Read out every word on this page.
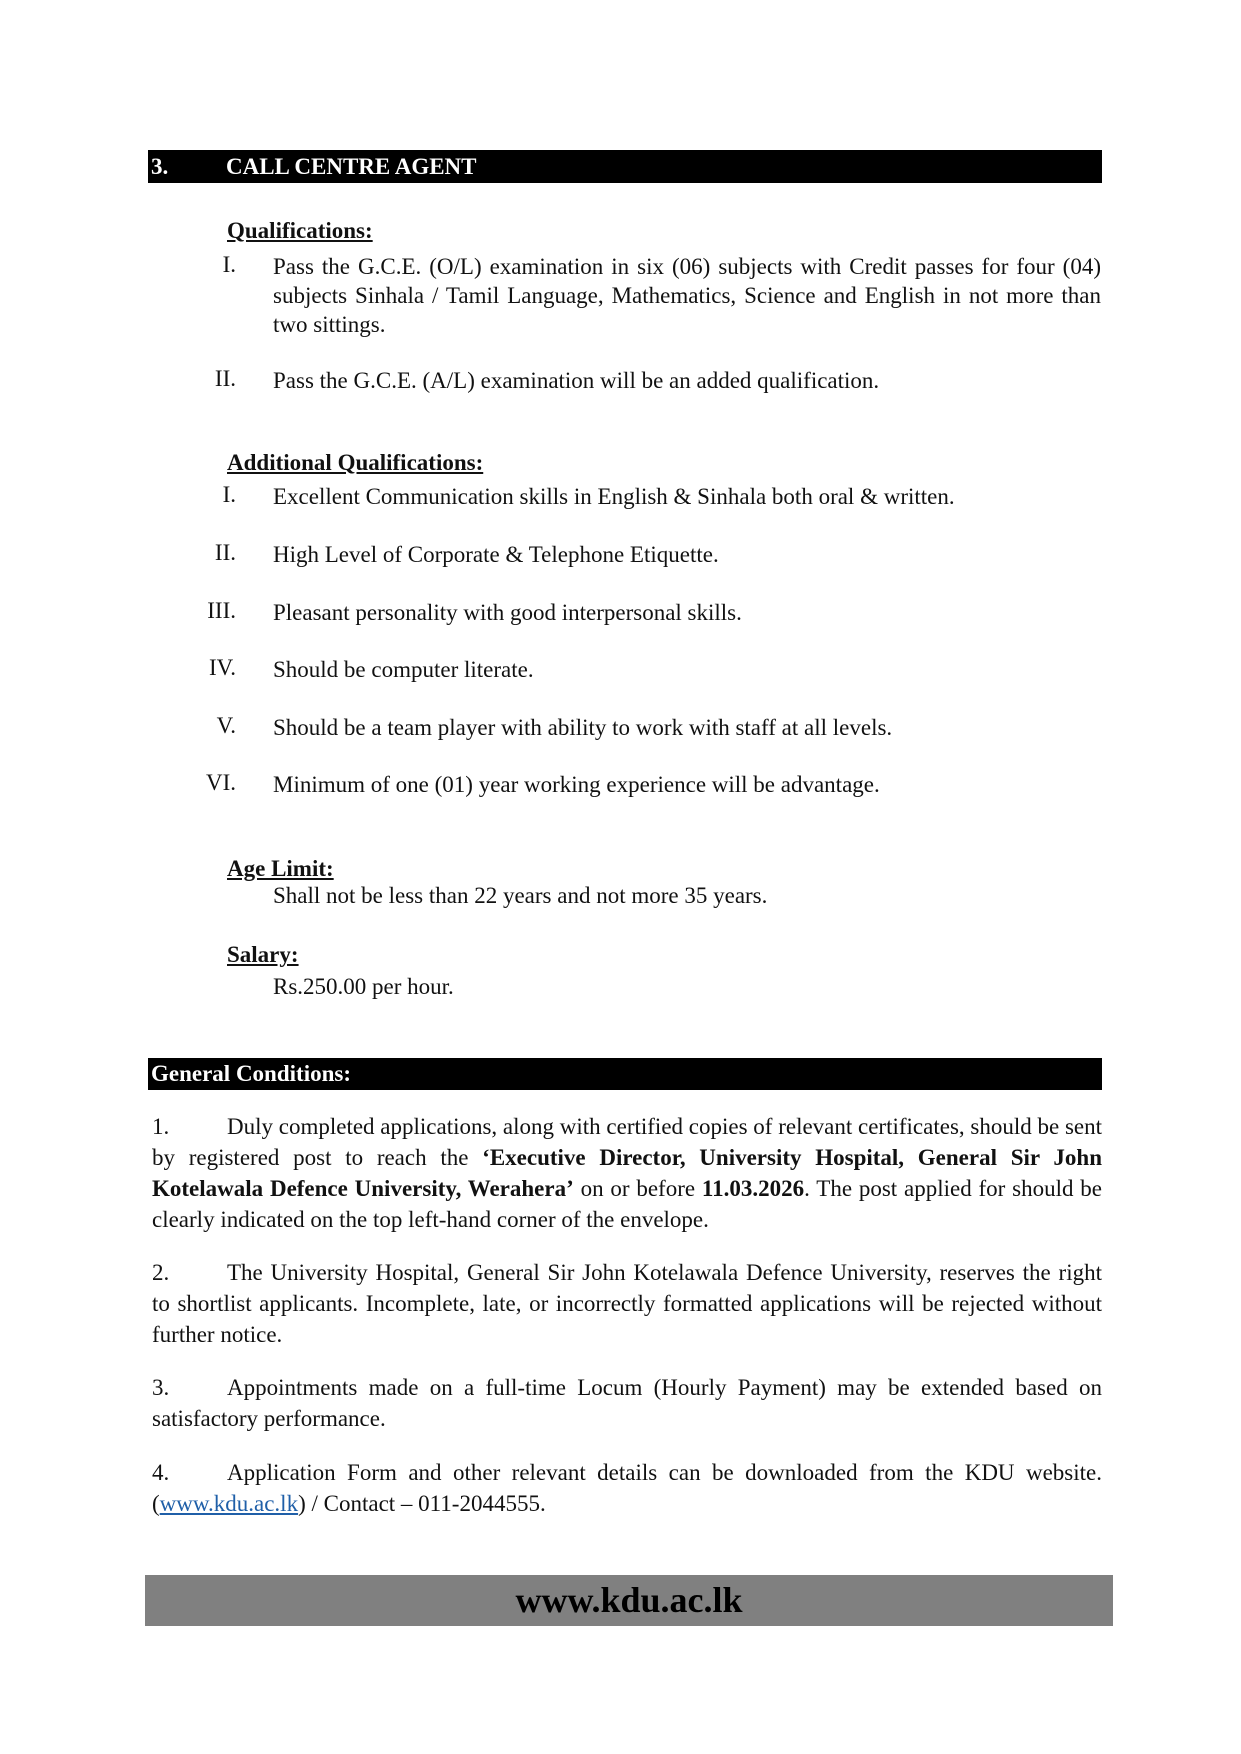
3.	CALL CENTRE AGENT
Qualifications:
I. Pass the G.C.E. (O/L) examination in six (06) subjects with Credit passes for four (04) subjects Sinhala / Tamil Language, Mathematics, Science and English in not more than two sittings.
II. Pass the G.C.E. (A/L) examination will be an added qualification.
Additional Qualifications:
I. Excellent Communication skills in English & Sinhala both oral & written.
II. High Level of Corporate & Telephone Etiquette.
III. Pleasant personality with good interpersonal skills.
IV. Should be computer literate.
V. Should be a team player with ability to work with staff at all levels.
VI. Minimum of one (01) year working experience will be advantage.
Age Limit:
Shall not be less than 22 years and not more 35 years.
Salary:
Rs.250.00 per hour.
General Conditions:
1.	Duly completed applications, along with certified copies of relevant certificates, should be sent by registered post to reach the ‘Executive Director, University Hospital, General Sir John Kotelawala Defence University, Werahera’ on or before 11.03.2026. The post applied for should be clearly indicated on the top left-hand corner of the envelope.
2.	The University Hospital, General Sir John Kotelawala Defence University, reserves the right to shortlist applicants. Incomplete, late, or incorrectly formatted applications will be rejected without further notice.
3.	Appointments made on a full-time Locum (Hourly Payment) may be extended based on satisfactory performance.
4.	Application Form and other relevant details can be downloaded from the KDU website. (www.kdu.ac.lk) / Contact – 011-2044555.
www.kdu.ac.lk
